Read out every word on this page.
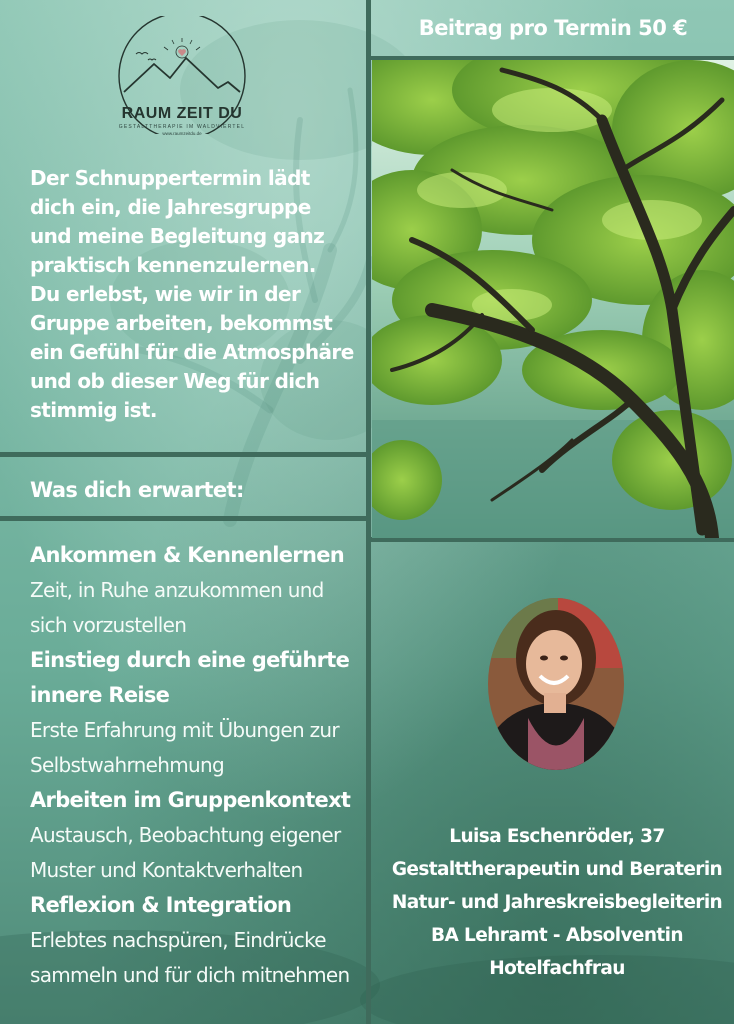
RAUM ZEIT DU
GESTALTTHERAPIE IM WALDVIERTEL
www.raumzeitdu.de

Der Schnuppertermin lädt dich ein, die Jahresgruppe und meine Begleitung ganz praktisch kennenzulernen.

Du erlebst, wie wir in der Gruppe arbeiten, bekommst ein Gefühl für die Atmosphäre und ob dieser Weg für dich stimmig ist.

Was dich erwartet:

Ankommen & Kennenlernen

Zeit, in Ruhe anzukommen und sich vorzustellen

Einstieg durch eine geführte innere Reise

Erste Erfahrung mit Übungen zur Selbstwahrnehmung

Arbeiten im Gruppenkontext

Austausch, Beobachtung eigener Muster und Kontaktverhalten

Reflexion & Integration

Erlebtes nachspüren, Eindrücke sammeln und für dich mitnehmen

Beitrag pro Termin 50 €
Luisa Eschenröder, 37
Gestalttherapeutin und Beraterin
Natur- und Jahreskreisbegleiterin
BA Lehramt - Absolventin
Hotelfachfrau
